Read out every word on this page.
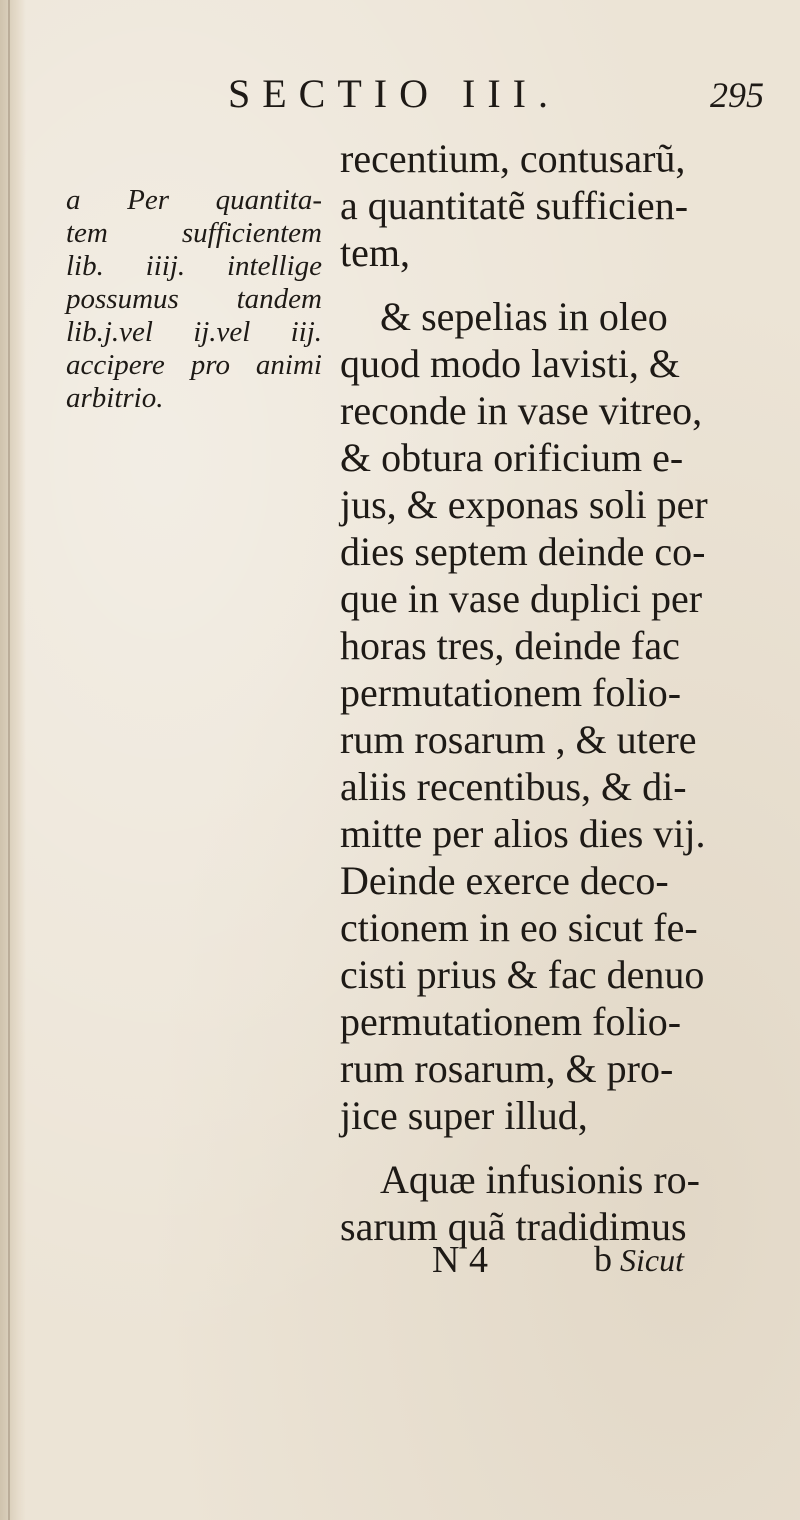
SECTIO III.	295
a Per quantita-
tem sufficientem
lib. iiij. intellige
possumus tandem
lib.j.vel ij.vel iij.
accipere pro animi
arbitrio.
recentium, contusarũ,
a quantitatẽ sufficien-
tem,
& sepelias in oleo
quod modo lavisti, &
reconde in vase vitreo,
& obtura orificium e-
jus, & exponas soli per
dies septem deinde co-
que in vase duplici per
horas tres, deinde fac
permutationem folio-
rum rosarum , & utere
aliis recentibus, & di-
mitte per alios dies vij.
Deinde exerce deco-
ctionem in eo sicut fe-
cisti prius & fac denuo
permutationem folio-
rum rosarum, & pro-
jice super illud,
Aquæ infusionis ro-
sarum quã tradidimus
N 4	b Sicut
